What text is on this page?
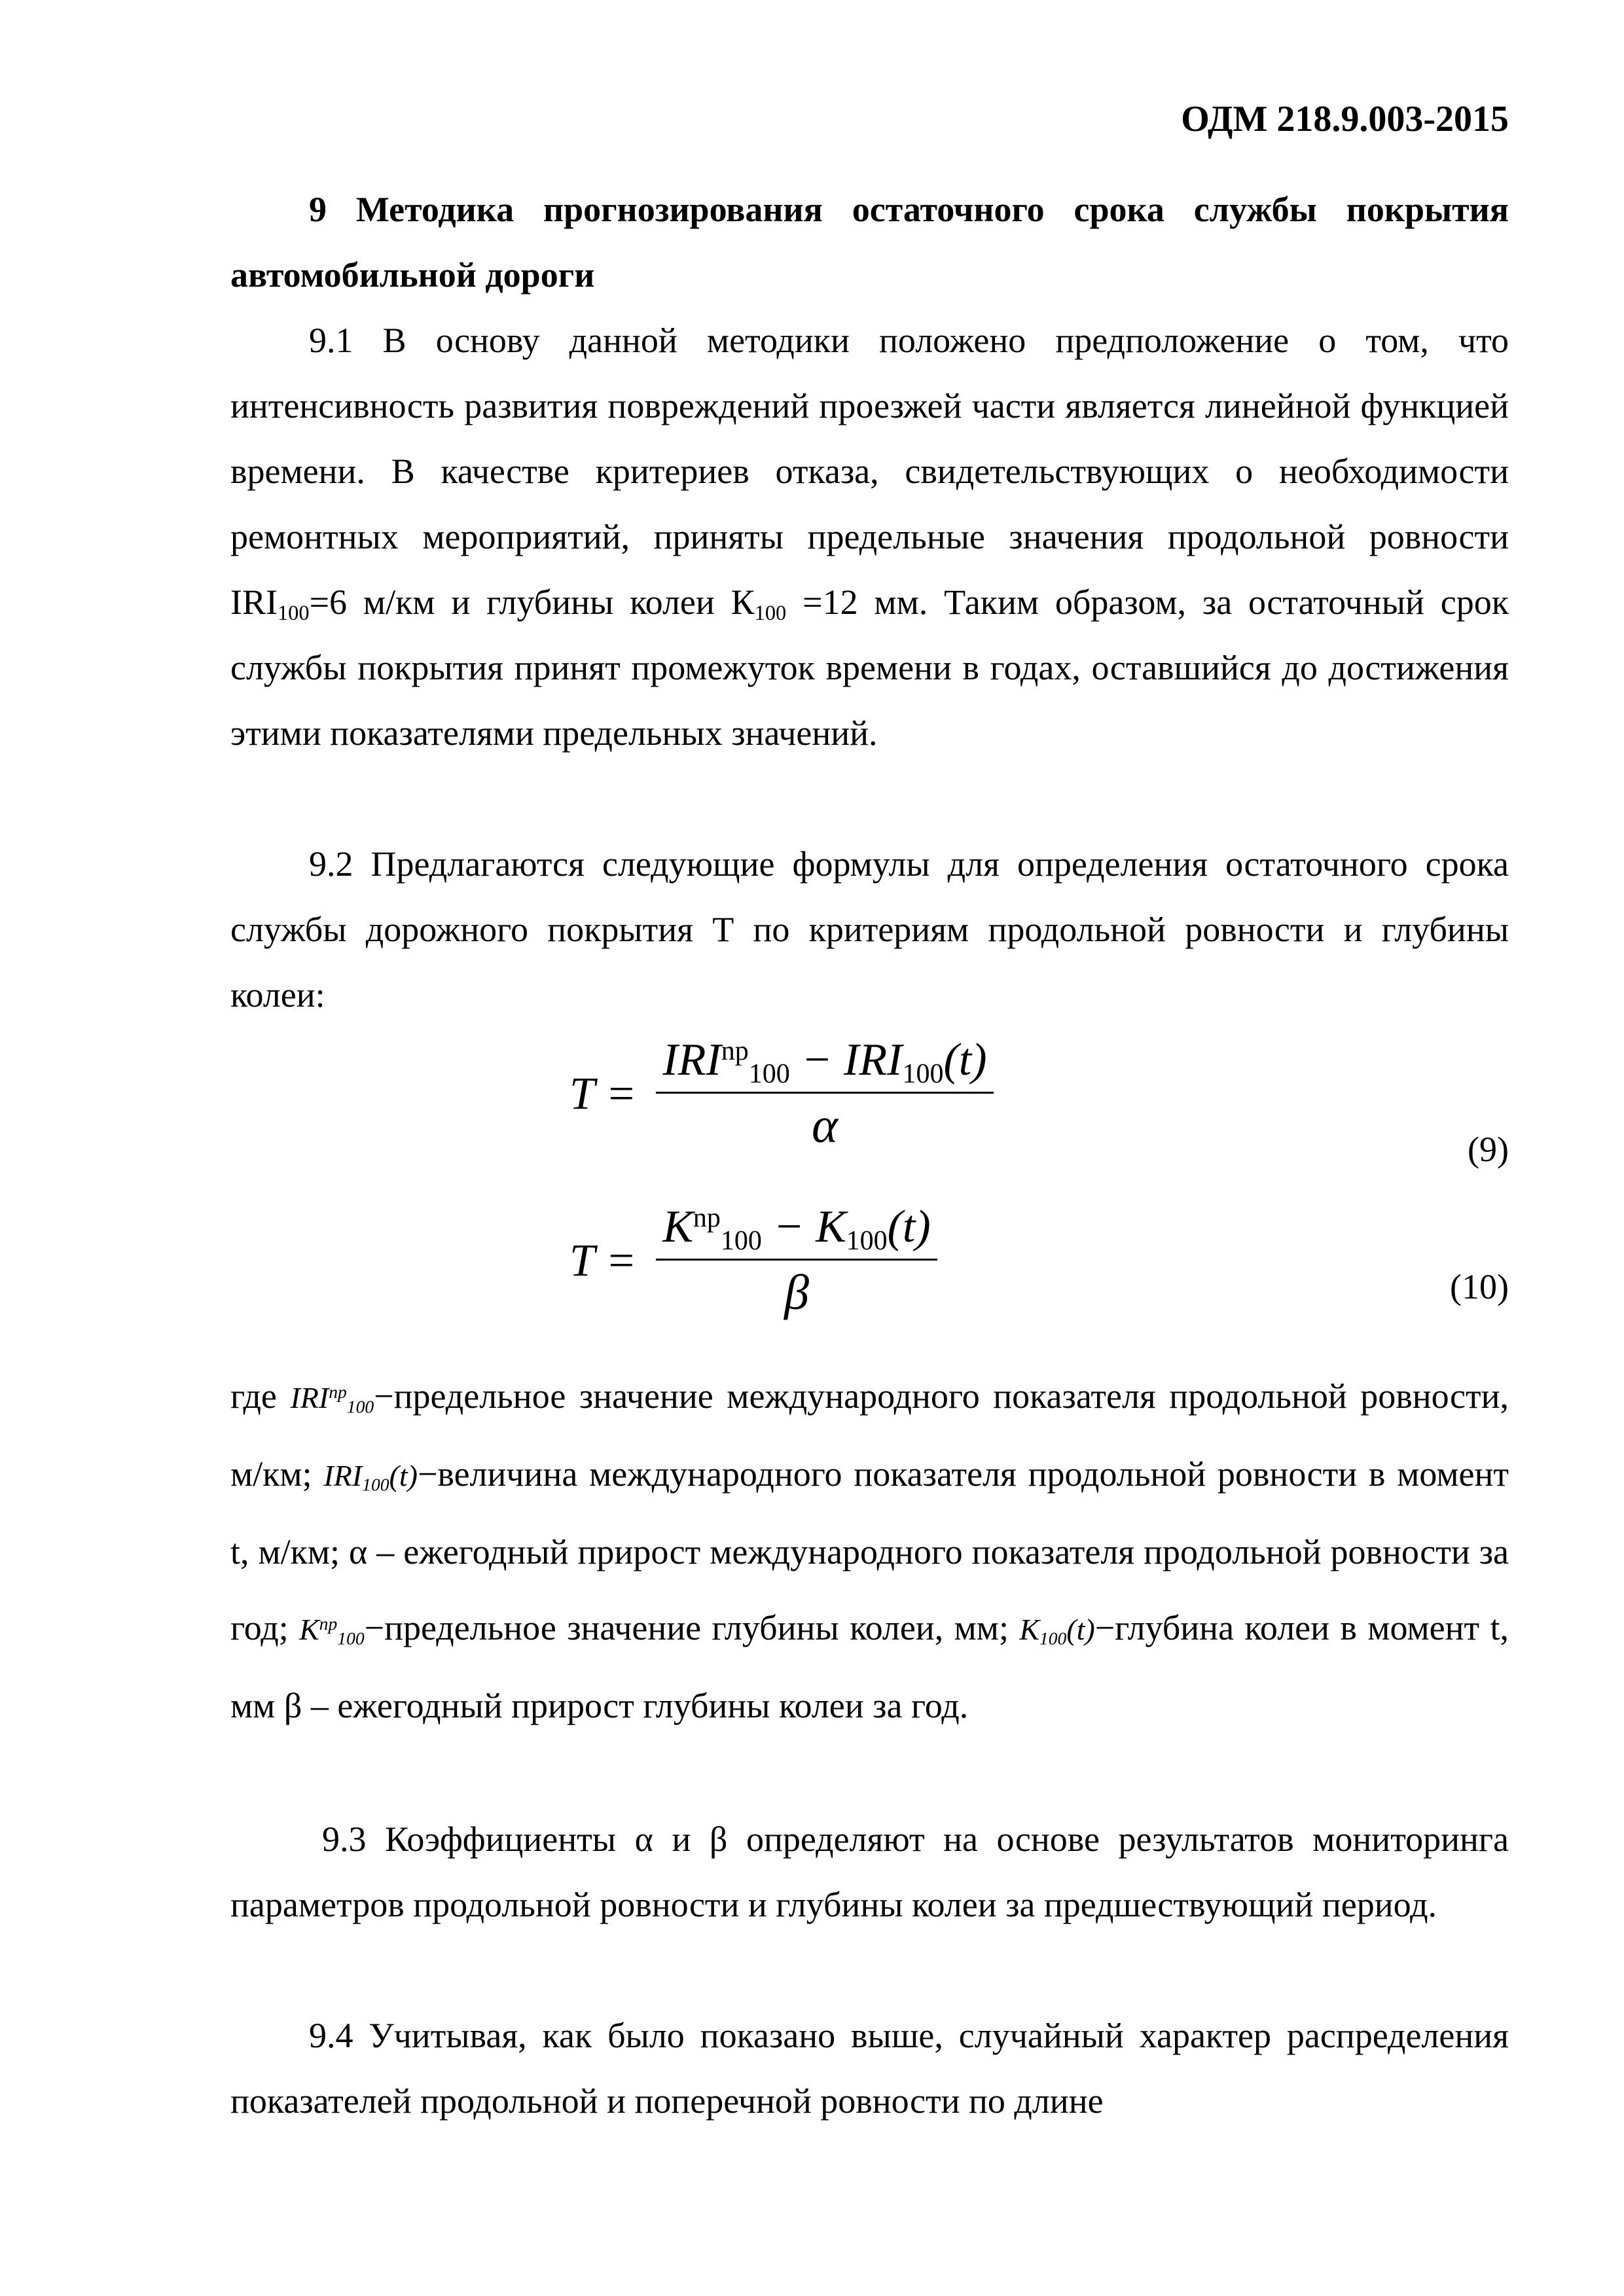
ОДМ 218.9.003-2015
9 Методика прогнозирования остаточного срока службы покрытия автомобильной дороги
9.1 В основу данной методики положено предположение о том, что интенсивность развития повреждений проезжей части является линейной функцией времени. В качестве критериев отказа, свидетельствующих о необходимости ремонтных мероприятий, приняты предельные значения продольной ровности $IRI_{100}=6$ м/км и глубины колеи $К_{100} =12$ мм. Таким образом, за остаточный срок службы покрытия принят промежуток времени в годах, оставшийся до достижения этими показателями предельных значений.
9.2 Предлагаются следующие формулы для определения остаточного срока службы дорожного покрытия Т по критериям продольной ровности и глубины колеи:
$T = \frac{IRI^{np}_{100} - IRI_{100}(t)}{\alpha}$	(9)
$T = \frac{К^{np}_{100} - К_{100}(t)}{\beta}$	(10)
где $IRI^{np}_{100}-предельное$ значение международного показателя продольной ровности, м/км; $IRI_{100}(t)-величина$ международного показателя продольной ровности в момент t, м/км; α – ежегодный прирост международного показателя продольной ровности за год; $К^{np}_{100}-предельное$ значение глубины колеи, мм; $К_{100}(t)-глубина$ колеи в момент t, мм β – ежегодный прирост глубины колеи за год.
9.3 Коэффициенты α и β определяют на основе результатов мониторинга параметров продольной ровности и глубины колеи за предшествующий период.
9.4 Учитывая, как было показано выше, случайный характер распределения показателей продольной и поперечной ровности по длине
